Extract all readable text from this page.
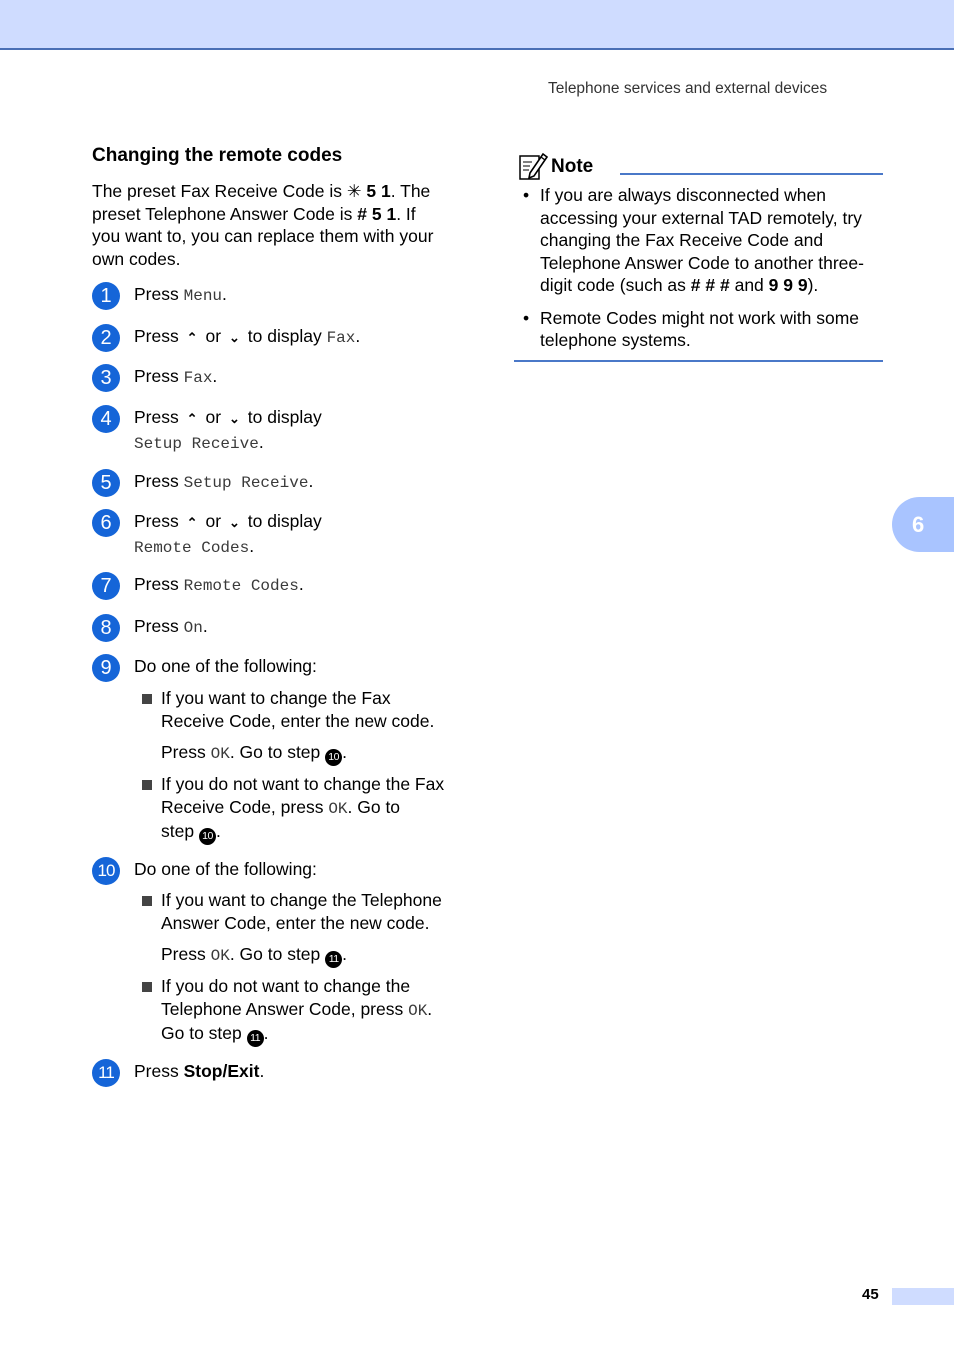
Telephone services and external devices
Changing the remote codes

The preset Fax Receive Code is ✳ 5 1. The
preset Telephone Answer Code is # 5 1. If
you want to, you can replace them with your
own codes.

1	Press Menu.
2	Press ⌃ or ⌄ to display Fax.
3	Press Fax.
4	Press ⌃ or ⌄ to display
Setup Receive.
5	Press Setup Receive.
6	Press ⌃ or ⌄ to display
Remote Codes.
7	Press Remote Codes.
8	Press On.
9	Do one of the following:
If you want to change the Fax
Receive Code, enter the new code.
Press OK. Go to step 10 .
If you do not want to change the Fax
Receive Code, press OK. Go to
step 10 .
10	Do one of the following:
If you want to change the Telephone
Answer Code, enter the new code.
Press OK. Go to step 11 .
If you do not want to change the
Telephone Answer Code, press OK.
Go to step 11 .
11	Press Stop/Exit.
Note
• If you are always disconnected when
accessing your external TAD remotely, try
changing the Fax Receive Code and
Telephone Answer Code to another three-
digit code (such as # # # and 9 9 9).
• Remote Codes might not work with some
telephone systems.
6
45
